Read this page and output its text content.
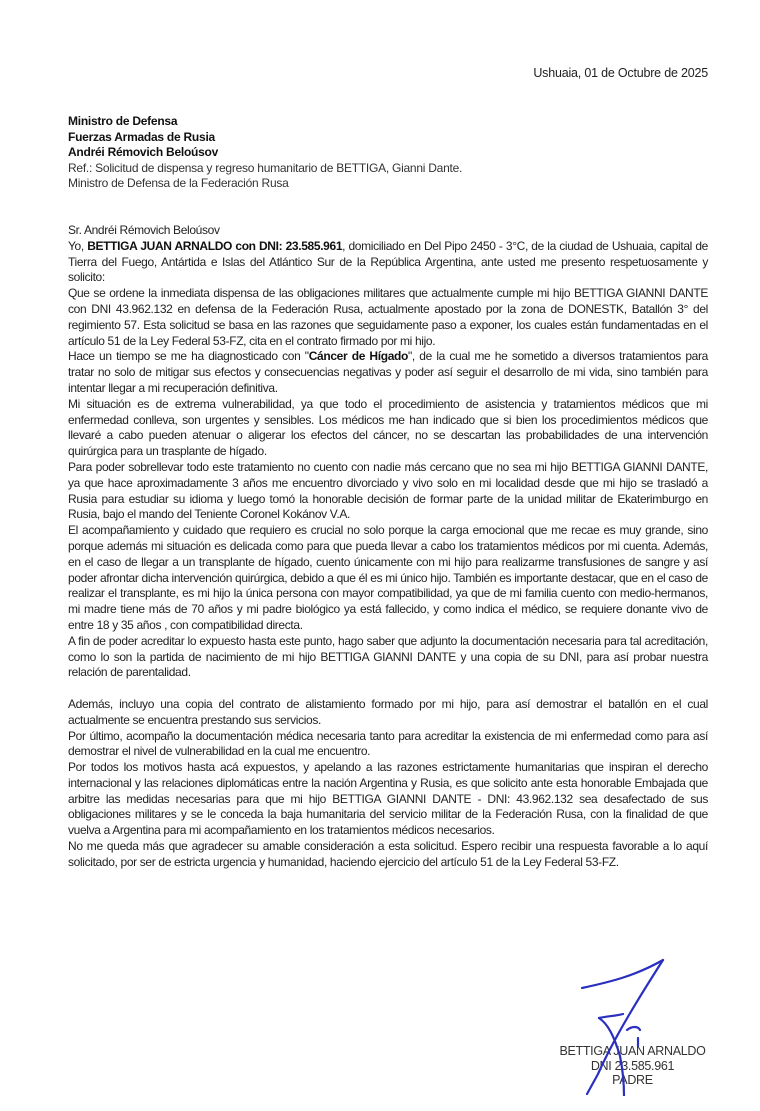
Ushuaia, 01 de Octubre de 2025
Ministro de Defensa
Fuerzas Armadas de Rusia
Andréi Rémovich Beloúsov
Ref.: Solicitud de dispensa y regreso humanitario de BETTIGA, Gianni Dante.
Ministro de Defensa de la Federación Rusa

Sr. Andréi Rémovich Beloúsov

Yo, BETTIGA JUAN ARNALDO con DNI: 23.585.961, domiciliado en Del Pipo 2450 - 3°C, de la ciudad de Ushuaia, capital de Tierra del Fuego, Antártida e Islas del Atlántico Sur de la República Argentina, ante usted me presento respetuosamente y solicito:

Que se ordene la inmediata dispensa de las obligaciones militares que actualmente cumple mi hijo BETTIGA GIANNI DANTE con DNI 43.962.132 en defensa de la Federación Rusa, actualmente apostado por la zona de DONESTK, Batallón 3° del regimiento 57. Esta solicitud se basa en las razones que seguidamente paso a exponer, los cuales están fundamentadas en el artículo 51 de la Ley Federal 53-FZ, cita en el contrato firmado por mi hijo.

Hace un tiempo se me ha diagnosticado con "Cáncer de Hígado", de la cual me he sometido a diversos tratamientos para tratar no solo de mitigar sus efectos y consecuencias negativas y poder así seguir el desarrollo de mi vida, sino también para intentar llegar a mi recuperación definitiva.

Mi situación es de extrema vulnerabilidad, ya que todo el procedimiento de asistencia y tratamientos médicos que mi enfermedad conlleva, son urgentes y sensibles. Los médicos me han indicado que si bien los procedimientos médicos que llevaré a cabo pueden atenuar o aligerar los efectos del cáncer, no se descartan las probabilidades de una intervención quirúrgica para un trasplante de hígado.

Para poder sobrellevar todo este tratamiento no cuento con nadie más cercano que no sea mi hijo BETTIGA GIANNI DANTE, ya que hace aproximadamente 3 años me encuentro divorciado y vivo solo en mi localidad desde que mi hijo se trasladó a Rusia para estudiar su idioma y luego tomó la honorable decisión de formar parte de la unidad militar de Ekaterimburgo en Rusia, bajo el mando del Teniente Coronel Kokánov V.A.

El acompañamiento y cuidado que requiero es crucial no solo porque la carga emocional que me recae es muy grande, sino porque además mi situación es delicada como para que pueda llevar a cabo los tratamientos médicos por mi cuenta. Además, en el caso de llegar a un transplante de hígado, cuento únicamente con mi hijo para realizarme transfusiones de sangre y así poder afrontar dicha intervención quirúrgica, debido a que él es mi único hijo. También es importante destacar, que en el caso de realizar el transplante, es mi hijo la única persona con mayor compatibilidad, ya que de mi familia cuento con medio-hermanos, mi madre tiene más de 70 años y mi padre biológico ya está fallecido, y como indica el médico, se requiere donante vivo de entre 18 y 35 años , con compatibilidad directa.

A fin de poder acreditar lo expuesto hasta este punto, hago saber que adjunto la documentación necesaria para tal acreditación, como lo son la partida de nacimiento de mi hijo BETTIGA GIANNI DANTE y una copia de su DNI, para así probar nuestra relación de parentalidad.

Además, incluyo una copia del contrato de alistamiento formado por mi hijo, para así demostrar el batallón en el cual actualmente se encuentra prestando sus servicios.

Por último, acompaño la documentación médica necesaria tanto para acreditar la existencia de mi enfermedad como para así demostrar el nivel de vulnerabilidad en la cual me encuentro.

Por todos los motivos hasta acá expuestos, y apelando a las razones estrictamente humanitarias que inspiran el derecho internacional y las relaciones diplomáticas entre la nación Argentina y Rusia, es que solicito ante esta honorable Embajada que arbitre las medidas necesarias para que mi hijo BETTIGA GIANNI DANTE - DNI: 43.962.132 sea desafectado de sus obligaciones militares y se le conceda la baja humanitaria del servicio militar de la Federación Rusa, con la finalidad de que vuelva a Argentina para mi acompañamiento en los tratamientos médicos necesarios.

No me queda más que agradecer su amable consideración a esta solicitud. Espero recibir una respuesta favorable a lo aquí solicitado, por ser de estricta urgencia y humanidad, haciendo ejercicio del artículo 51 de la Ley Federal 53-FZ.

BETTIGA JUAN ARNALDO
DNI 23.585.961
PADRE
